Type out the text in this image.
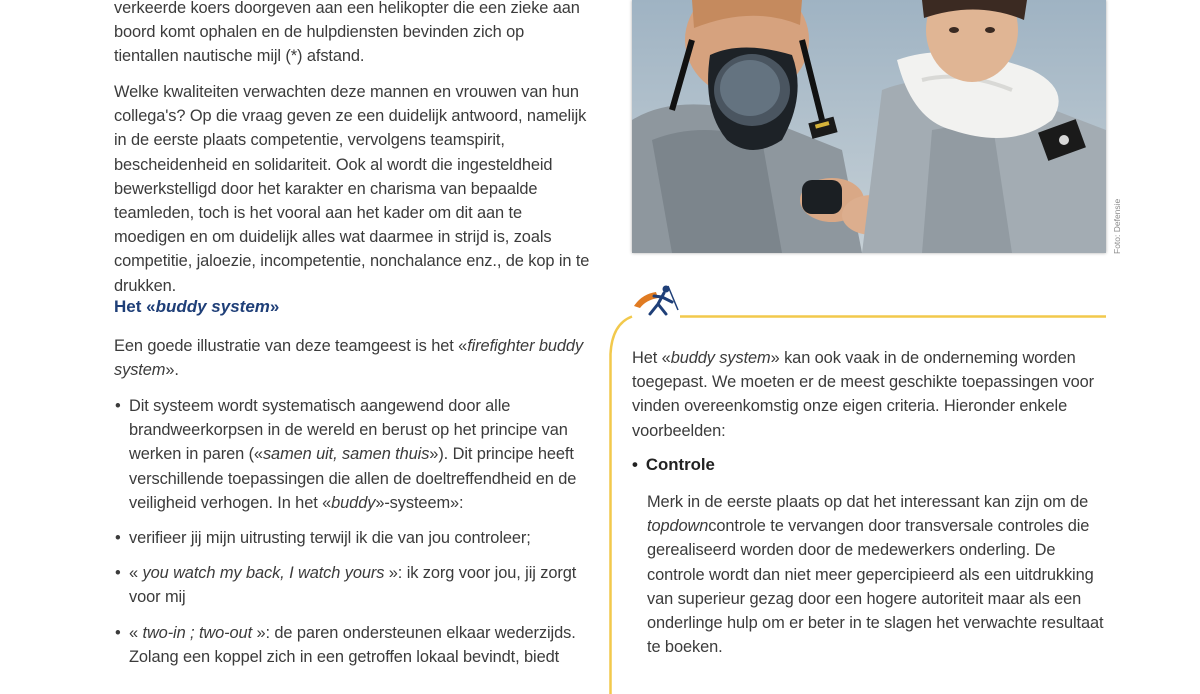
verkeerde koers doorgeven aan een helikopter die een zieke aan boord komt ophalen en de hulpdiensten bevinden zich op tientallen nautische mijl (*) afstand.

Welke kwaliteiten verwachten deze mannen en vrouwen van hun collega's? Op die vraag geven ze een duidelijk antwoord, namelijk in de eerste plaats competentie, vervolgens teamspirit, bescheidenheid en solidariteit. Ook al wordt die ingesteldheid bewerkstelligd door het karakter en charisma van bepaalde teamleden, toch is het vooral aan het kader om dit aan te moedigen en om duidelijk alles wat daarmee in strijd is, zoals competitie, jaloezie, incompetentie, nonchalance enz., de kop in te drukken.

Het «buddy system»

Een goede illustratie van deze teamgeest is het «firefighter buddy system».

• Dit systeem wordt systematisch aangewend door alle brandweerkorpsen in de wereld en berust op het principe van werken in paren («samen uit, samen thuis»). Dit principe heeft verschillende toepassingen die allen de doeltreffendheid en de veiligheid verhogen. In het «buddy»-systeem»:
• verifieer jij mijn uitrusting terwijl ik die van jou controleer;
• « you watch my back, I watch yours »: ik zorg voor jou, jij zorgt voor mij
• « two-in ; two-out »: de paren ondersteunen elkaar wederzijds. Zolang een koppel zich in een getroffen lokaal bevindt, biedt
Foto: Defensie

Het «buddy system» kan ook vaak in de onderneming worden toegepast. We moeten er de meest geschikte toepassingen voor vinden overeenkomstig onze eigen criteria. Hieronder enkele voorbeelden:

• Controle

Merk in de eerste plaats op dat het interessant kan zijn om de topdowncontrole te vervangen door transversale controles die gerealiseerd worden door de medewerkers onderling. De controle wordt dan niet meer gepercipieerd als een uitdrukking van superieur gezag door een hogere autoriteit maar als een onderlinge hulp om er beter in te slagen het verwachte resultaat te boeken.
